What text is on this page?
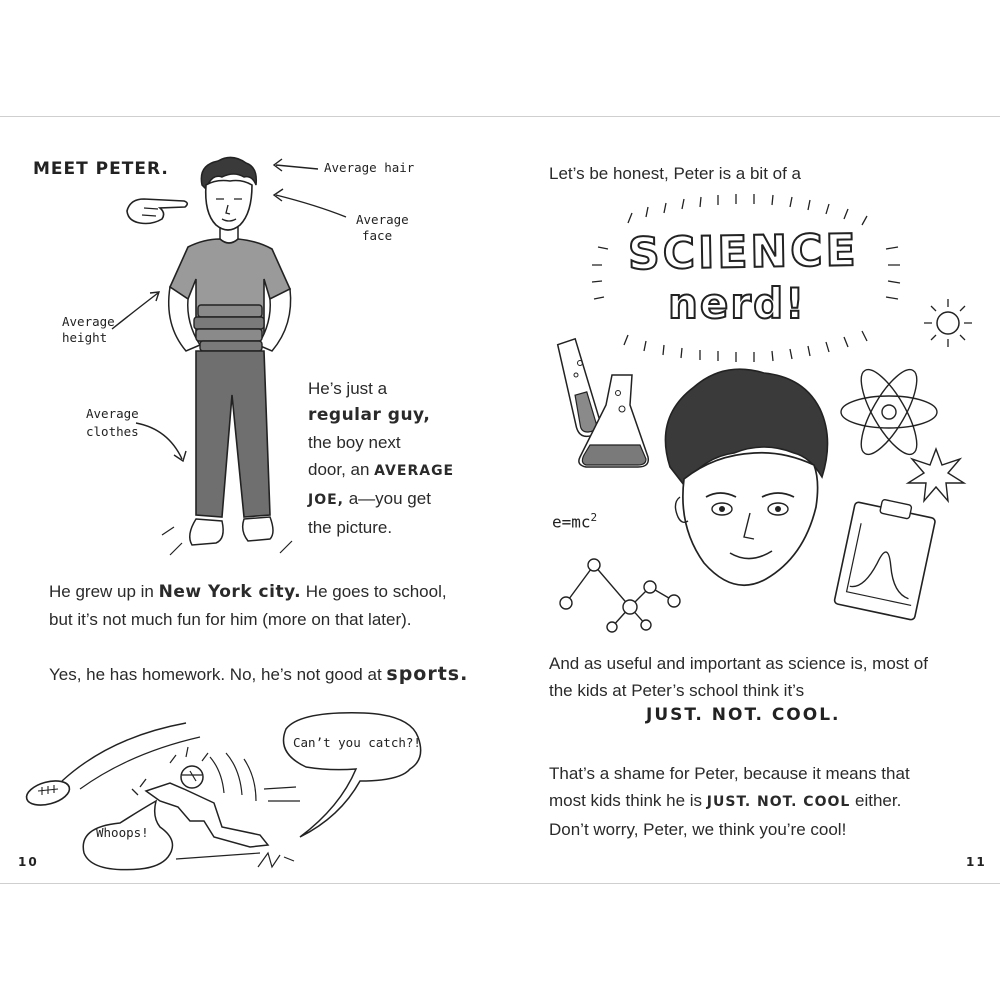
MEET PETER.	Average hair
Average
face
Average
height
Average
clothes
He’s just a
regular guy,
the boy next
door, an AVERAGE
JOE, a—you get
the picture.
He grew up in New York city. He goes to school,
but it’s not much fun for him (more on that later).
Yes, he has homework. No, he’s not good at sports.
Can’t you catch?!
Whoops!
10
Let’s be honest, Peter is a bit of a
SCIENCE
nerd!
$e=mc^2$
And as useful and important as science is, most of
the kids at Peter’s school think it’s
JUST. NOT. COOL.
That’s a shame for Peter, because it means that
most kids think he is JUST. NOT. COOL either.
Don’t worry, Peter, we think you’re cool!
11
